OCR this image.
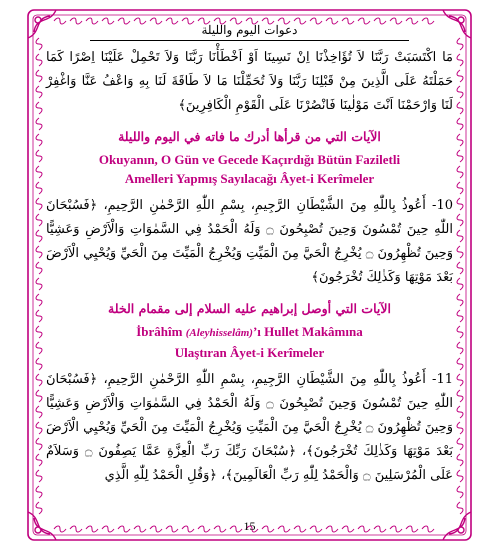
دعوات اليوم والليلة

مَا اكْتَسَبَتْ رَبَّنَا لاَ تُؤَاخِذْنَا اِنْ نَسِينَا اَوْ اَخْطَأْنَا رَبَّنَا وَلاَ تَحْمِلْ عَلَيْنَا اِصْرًا كَمَا حَمَلْتَهُ عَلَى الَّذِينَ مِنْ قَبْلِنَا رَبَّنَا وَلاَ تُحَمِّلْنَا مَا لاَ طَاقَةَ لَنَا بِهِ وَاعْفُ عَنَّا وَاغْفِرْ لَنَا وَارْحَمْنَا اَنْتَ مَوْلٰينَا فَانْصُرْنَا عَلَى الْقَوْمِ الْكَافِرِينَ﴾

الآيات التي من قرأها أدرك ما فاته في اليوم والليلة
Okuyanın, O Gün ve Gecede Kaçırdığı Bütün Faziletli
Amelleri Yapmış Sayılacağı Âyet-i Kerîmeler

10- أَعُوذُ بِاللّٰهِ مِنَ الشَّيْطَانِ الرَّجِيمِ، بِسْمِ اللّٰهِ الرَّحْمٰنِ الرَّحِيمِ، ﴿فَسُبْحَانَ اللّٰهِ حِينَ تُمْسُونَ وَحِينَ تُصْبِحُونَ ۝ وَلَهُ الْحَمْدُ فِي السَّمٰوَاتِ وَالْاَرْضِ وَعَشِيًّا وَحِينَ تُظْهِرُونَ ۝ يُخْرِجُ الْحَيَّ مِنَ الْمَيِّتِ وَيُخْرِجُ الْمَيِّتَ مِنَ الْحَيِّ وَيُحْيِي الْاَرْضَ بَعْدَ مَوْتِهَا وَكَذٰلِكَ تُخْرَجُونَ﴾

الآيات التي أوصل إبراهيم عليه السلام إلى مقمام الخلة
İbrâhîm (Aleyhisselâm)’ı Hullet Makâmına
Ulaştıran Âyet-i Kerîmeler

11- أَعُوذُ بِاللّٰهِ مِنَ الشَّيْطَانِ الرَّجِيمِ، بِسْمِ اللّٰهِ الرَّحْمٰنِ الرَّحِيمِ، ﴿فَسُبْحَانَ اللّٰهِ حِينَ تُمْسُونَ وَحِينَ تُصْبِحُونَ ۝ وَلَهُ الْحَمْدُ فِي السَّمٰوَاتِ وَالْاَرْضِ وَعَشِيًّا وَحِينَ تُظْهِرُونَ ۝ يُخْرِجُ الْحَيَّ مِنَ الْمَيِّتِ وَيُخْرِجُ الْمَيِّتَ مِنَ الْحَيِّ وَيُحْيِي الْاَرْضَ بَعْدَ مَوْتِهَا وَكَذٰلِكَ تُخْرَجُونَ﴾، ﴿سُبْحَانَ رَبِّكَ رَبِّ الْعِزَّةِ عَمَّا يَصِفُونَ ۝ وَسَلاَمٌ عَلَى الْمُرْسَلِينَ ۝ وَالْحَمْدُ لِلّٰهِ رَبِّ الْعَالَمِينَ﴾، ﴿وَقُلِ الْحَمْدُ لِلّٰهِ الَّذِي

15
